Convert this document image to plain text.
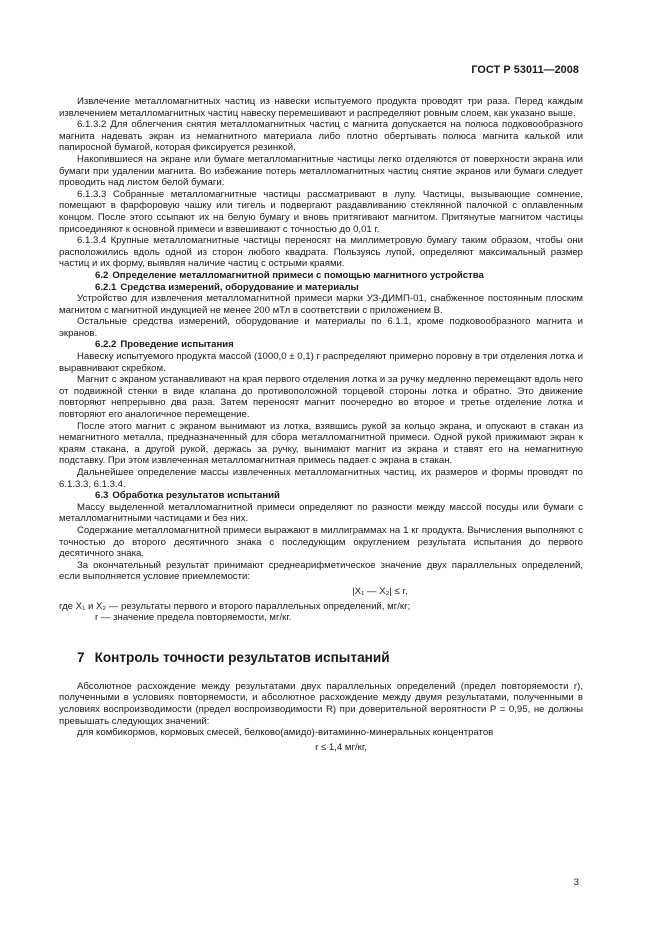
ГОСТ Р 53011—2008

Извлечение металломагнитных частиц из навески испытуемого продукта проводят три раза. Перед каждым извлечением металломагнитных частиц навеску перемешивают и распределяют ровным слоем, как указано выше.

6.1.3.2 Для облегчения снятия металломагнитных частиц с магнита допускается на полюса подковообразного магнита надевать экран из немагнитного материала либо плотно обертывать полюса магнита калькой или папиросной бумагой, которая фиксируется резинкой.

Накопившиеся на экране или бумаге металломагнитные частицы легко отделяются от поверхности экрана или бумаги при удалении магнита. Во избежание потерь металломагнитных частиц снятие экранов или бумаги следует проводить над листом белой бумаги.

6.1.3.3 Собранные металломагнитные частицы рассматривают в лупу. Частицы, вызывающие сомнение, помещают в фарфоровую чашку или тигель и подвергают раздавливанию стеклянной палочкой с оплавленным концом. После этого ссыпают их на белую бумагу и вновь притягивают магнитом. Притянутые магнитом частицы присоединяют к основной примеси и взвешивают с точностью до 0,01 г.

6.1.3.4 Крупные металломагнитные частицы переносят на миллиметровую бумагу таким образом, чтобы они расположились вдоль одной из сторон любого квадрата. Пользуясь лупой, определяют максимальный размер частиц и их форму, выявляя наличие частиц с острыми краями.

6.2 Определение металломагнитной примеси с помощью магнитного устройства

6.2.1 Средства измерений, оборудование и материалы

Устройство для извлечения металломагнитной примеси марки УЗ-ДИМП-01, снабженное постоянным плоским магнитом с магнитной индукцией не менее 200 мТл в соответствии с приложением В.

Остальные средства измерений, оборудование и материалы по 6.1.1, кроме подковообразного магнита и экранов.

6.2.2 Проведение испытания

Навеску испытуемого продукта массой (1000,0 ± 0,1) г распределяют примерно поровну в три отделения лотка и выравнивают скребком.

Магнит с экраном устанавливают на края первого отделения лотка и за ручку медленно перемещают вдоль него от подвижной стенки в виде клапана до противоположной торцевой стороны лотка и обратно. Это движение повторяют непрерывно два раза. Затем переносят магнит поочередно во второе и третье отделение лотка и повторяют его аналогичное перемещение.

После этого магнит с экраном вынимают из лотка, взявшись рукой за кольцо экрана, и опускают в стакан из немагнитного металла, предназначенный для сбора металломагнитной примеси. Одной рукой прижимают экран к краям стакана, а другой рукой, держась за ручку, вынимают магнит из экрана и ставят его на немагнитную подставку. При этом извлеченная металломагнитная примесь падает с экрана в стакан.

Дальнейшее определение массы извлеченных металломагнитных частиц, их размеров и формы проводят по 6.1.3.3, 6.1.3.4.

6.3 Обработка результатов испытаний

Массу выделенной металломагнитной примеси определяют по разности между массой посуды или бумаги с металломагнитными частицами и без них.

Содержание металломагнитной примеси выражают в миллиграммах на 1 кг продукта. Вычисления выполняют с точностью до второго десятичного знака с последующим округлением результата испытания до первого десятичного знака.

За окончательный результат принимают среднеарифметическое значение двух параллельных определений, если выполняется условие приемлемости:

|X₁ — X₂| ≤ r,

где X₁ и X₂ — результаты первого и второго параллельных определений, мг/кг;

r — значение предела повторяемости, мг/кг.

7 Контроль точности результатов испытаний

Абсолютное расхождение между результатами двух параллельных определений (предел повторяемости r), полученными в условиях повторяемости, и абсолютное расхождение между двумя результатами, полученными в условиях воспроизводимости (предел воспроизводимости R) при доверительной вероятности P = 0,95, не должны превышать следующих значений:

для комбикормов, кормовых смесей, белково(амидо)-витаминно-минеральных концентратов

r ≤ 1,4 мг/кг,
3
